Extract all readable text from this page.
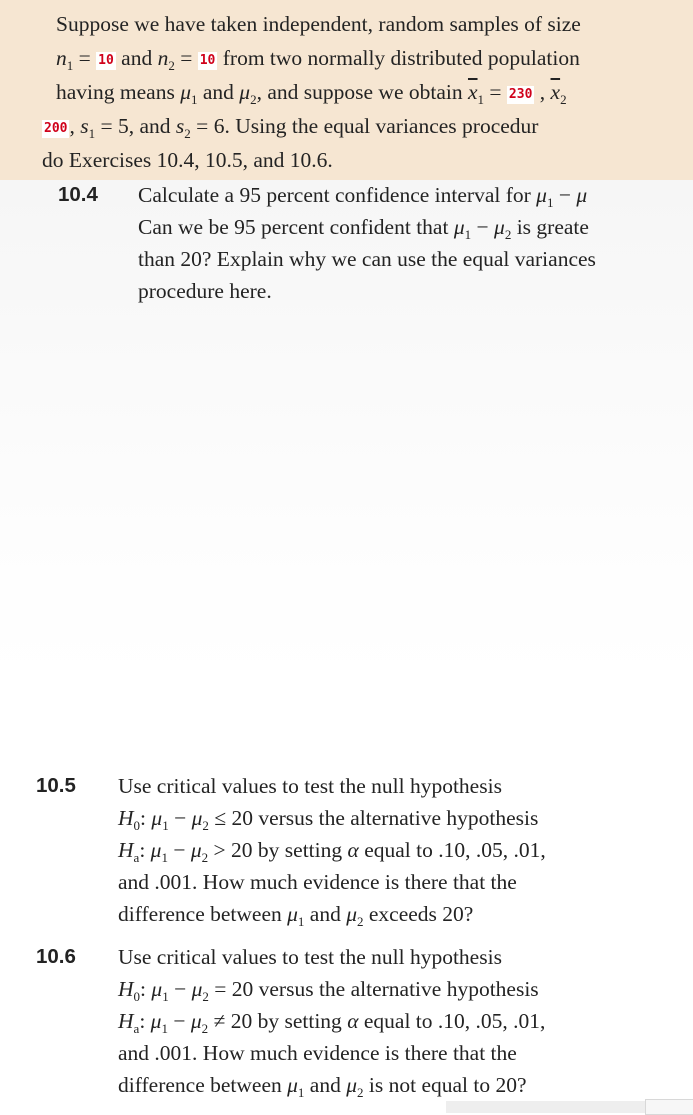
Suppose we have taken independent, random samples of size
$n_1 = 10$ and $n_2 = 10$ from two normally distributed population
having means $\mu_1$ and $\mu_2$, and suppose we obtain $\overline{x}_1 = 230$ , $\overline{x}_2$
200, $s_1 = 5$, and $s_2 = 6$. Using the equal variances procedur
do Exercises 10.4, 10.5, and 10.6.
10.4 Calculate a 95 percent confidence interval for $\mu_1 - \mu$
Can we be 95 percent confident that $\mu_1 - \mu_2$ is greate
than 20? Explain why we can use the equal variances
procedure here.
10.5 Use critical values to test the null hypothesis
$H_0$: $\mu_1 - \mu_2 \le 20$ versus the alternative hypothesis
$H_a$: $\mu_1 - \mu_2 > 20$ by setting α equal to .10, .05, .01,
and .001. How much evidence is there that the
difference between $\mu_1$ and $\mu_2$ exceeds 20?
10.6 Use critical values to test the null hypothesis
$H_0$: $\mu_1 - \mu_2 = 20$ versus the alternative hypothesis
$H_a$: $\mu_1 - \mu_2 \ne 20$ by setting α equal to .10, .05, .01,
and .001. How much evidence is there that the
difference between $\mu_1$ and $\mu_2$ is not equal to 20?
